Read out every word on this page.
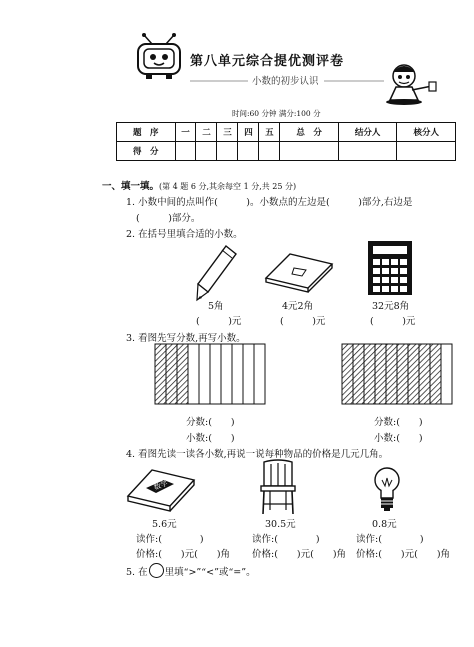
第八单元综合提优测评卷
小数的初步认识
时间:60 分钟 满分:100 分
题　序	一	二	三	四	五	总　分	结分人	核分人
得　分								
一、填一填。(第 4 题 6 分,其余每空 1 分,共 25 分)
1. 小数中间的点叫作(　　　)。小数点的左边是(　　　)部分,右边是
(　　　)部分。
2. 在括号里填合适的小数。
5角
(　　　)元
4元2角
(　　　)元
32元8角
(　　　)元
3. 看图先写分数,再写小数。
分数:(　　)
小数:(　　)
分数:(　　)
小数:(　　)
4. 看图先读一读各小数,再说一说每种物品的价格是几元几角。
数学
5.6元
读作:(　　　　)
价格:(　　)元(　　)角
30.5元
读作:(　　　　)
价格:(　　)元(　　)角
0.8元
读作:(　　　　)
价格:(　　)元(　　)角
5. 在 里填“>”“<”或“=”。
